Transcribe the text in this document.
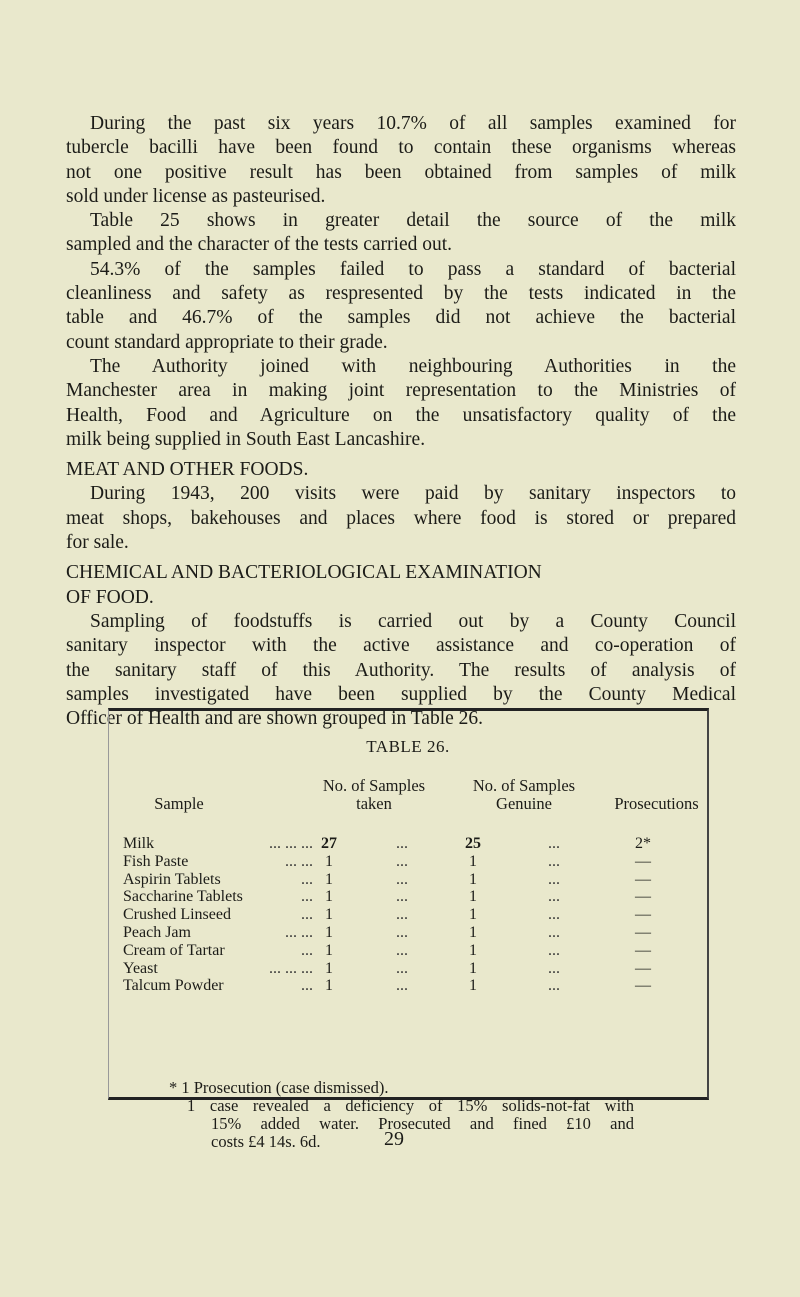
During the past six years 10.7% of all samples examined for
tubercle bacilli have been found to contain these organisms whereas
not one positive result has been obtained from samples of milk
sold under license as pasteurised.
Table 25 shows in greater detail the source of the milk
sampled and the character of the tests carried out.
54.3% of the samples failed to pass a standard of bacterial
cleanliness and safety as respresented by the tests indicated in the
table and 46.7% of the samples did not achieve the bacterial
count standard appropriate to their grade.
The Authority joined with neighbouring Authorities in the
Manchester area in making joint representation to the Ministries of
Health, Food and Agriculture on the unsatisfactory quality of the
milk being supplied in South East Lancashire.
MEAT AND OTHER FOODS.
During 1943, 200 visits were paid by sanitary inspectors to
meat shops, bakehouses and places where food is stored or prepared
for sale.
CHEMICAL AND BACTERIOLOGICAL EXAMINATION
OF FOOD.
Sampling of foodstuffs is carried out by a County Council
sanitary inspector with the active assistance and co-operation of
the sanitary staff of this Authority. The results of analysis of
samples investigated have been supplied by the County Medical
Officer of Health and are shown grouped in Table 26.
TABLE 26.
Sample
No. of Samples
taken
No. of Samples
Genuine	Prosecutions
Milk	... ... ... 27	...	25	...	2*
Fish Paste	... ... 1	...	1	...	—
Aspirin Tablets	... 1	...	1	...	—
Saccharine Tablets	... 1	...	1	...	—
Crushed Linseed	... 1	...	1	...	—
Peach Jam	... ... 1	...	1	...	—
Cream of Tartar	... 1	...	1	...	—
Yeast	... ... ... 1	...	1	...	—
Talcum Powder	... 1	...	1	...	—
* 1 Prosecution (case dismissed).
1 case revealed a deficiency of 15% solids-not-fat with
15% added water. Prosecuted and fined £10 and
costs £4 14s. 6d.	29
